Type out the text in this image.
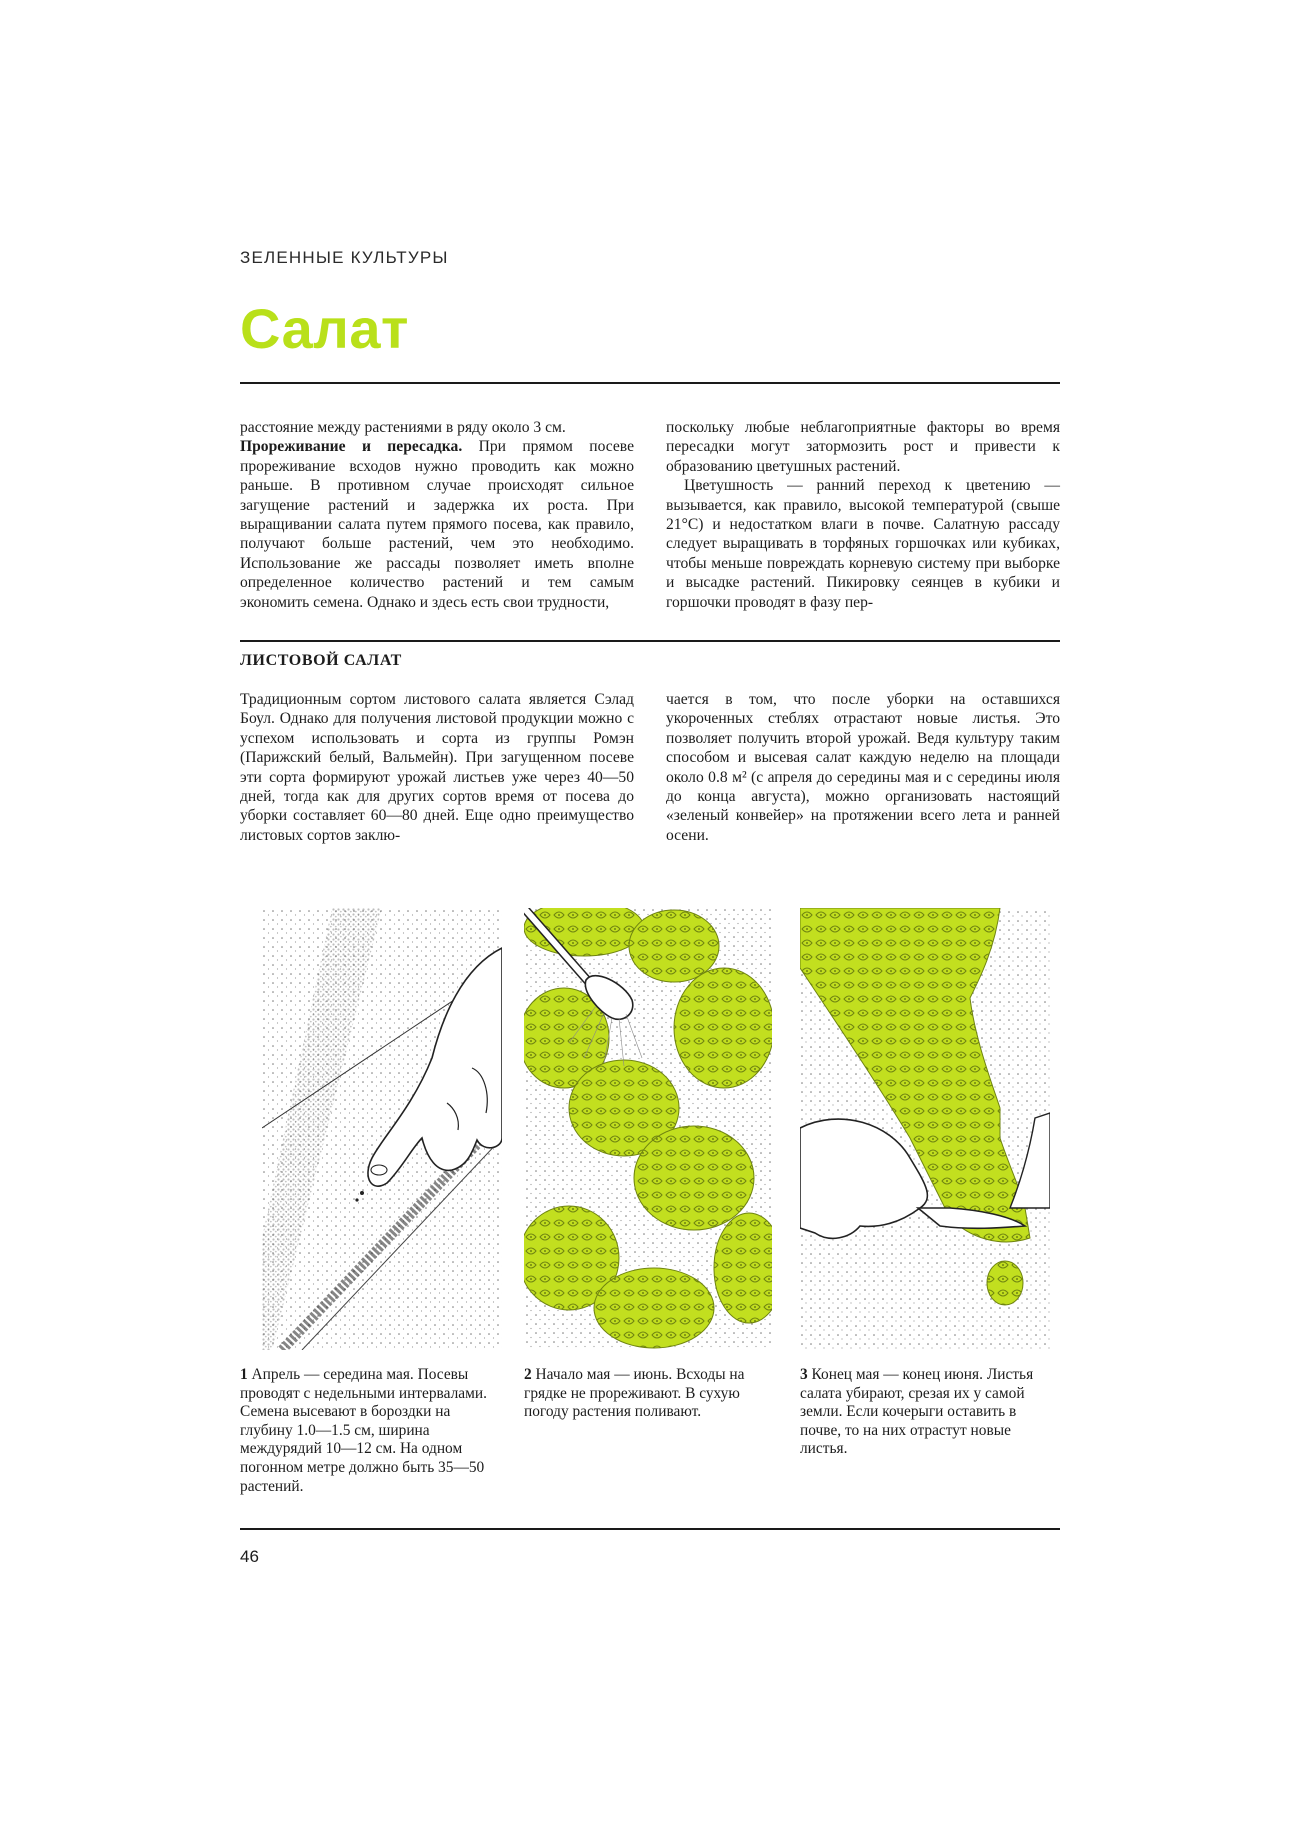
ЗЕЛЕННЫЕ КУЛЬТУРЫ
Салат

расстояние между растениями в ряду около 3 см.

Прореживание и пересадка. При прямом посеве прореживание всходов нужно проводить как можно раньше. В противном случае происходят сильное загущение растений и задержка их роста. При выращивании салата путем прямого посева, как правило, получают больше растений, чем это необходимо. Использование же рассады позволяет иметь вполне определенное количество растений и тем самым экономить семена. Однако и здесь есть свои трудности,

поскольку любые неблагоприятные факторы во время пересадки могут затормозить рост и привести к образованию цветушных растений.

Цветушность — ранний переход к цветению — вызывается, как правило, высокой температурой (свыше 21°С) и недостатком влаги в почве. Салатную рассаду следует выращивать в торфяных горшочках или кубиках, чтобы меньше повреждать корневую систему при выборке и высадке растений. Пикировку сеянцев в кубики и горшочки проводят в фазу пер-

ЛИСТОВОЙ САЛАТ

Традиционным сортом листового салата является Сэлад Боул. Однако для получения листовой продукции можно с успехом использовать и сорта из группы Ромэн (Парижский белый, Вальмейн). При загущенном посеве эти сорта формируют урожай листьев уже через 40—50 дней, тогда как для других сортов время от посева до уборки составляет 60—80 дней. Еще одно преимущество листовых сортов заклю-

чается в том, что после уборки на оставшихся укороченных стеблях отрастают новые листья. Это позволяет получить второй урожай. Ведя культуру таким способом и высевая салат каждую неделю на площади около 0.8 м² (с апреля до середины мая и с середины июля до конца августа), можно организовать настоящий «зеленый конвейер» на протяжении всего лета и ранней осени.

1 Апрель — середина мая. Посевы проводят с недельными интервалами. Семена высевают в бороздки на глубину 1.0—1.5 см, ширина междурядий 10—12 см. На одном погонном метре должно быть 35—50 растений.
2 Начало мая — июнь. Всходы на грядке не прореживают. В сухую погоду растения поливают.
3 Конец мая — конец июня. Листья салата убирают, срезая их у самой земли. Если кочерыги оставить в почве, то на них отрастут новые листья.
46
